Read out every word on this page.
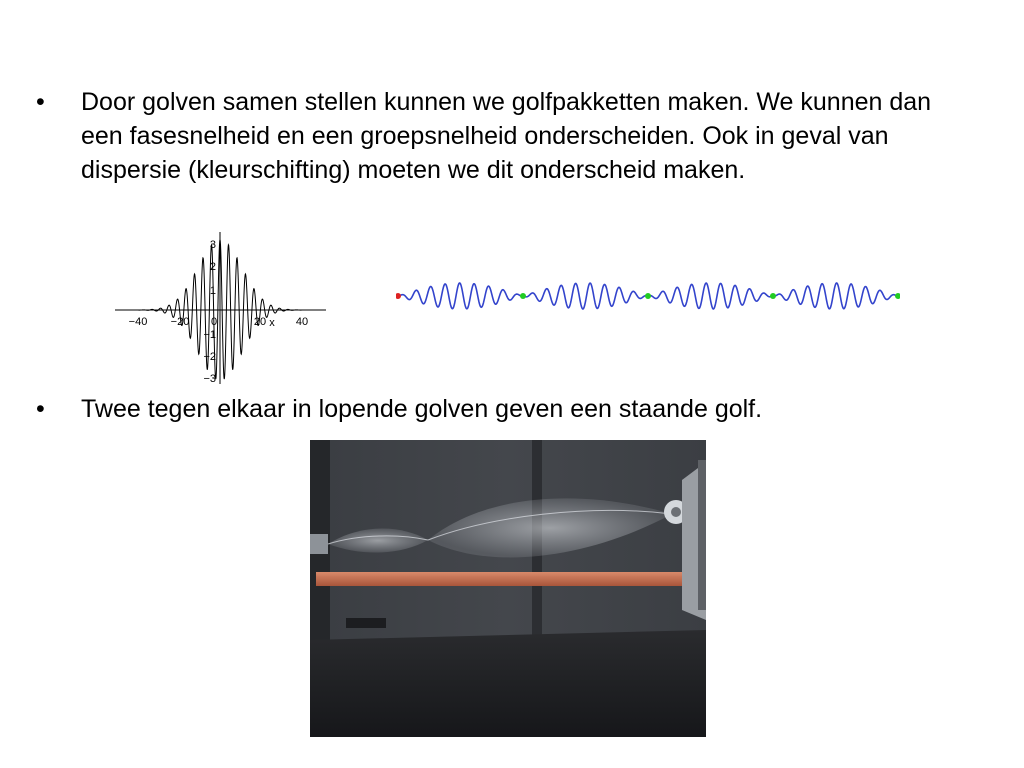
• Door golven samen stellen kunnen we golfpakketten maken. We kunnen dan een fasesnelheid en een groepsnelheid onderscheiden. Ook in geval van dispersie (kleurschifting) moeten we dit onderscheid maken.
−40 −20 0	20	40
x
3
2
1
−1
−2
−3
• Twee tegen elkaar in lopende golven geven een staande golf.
